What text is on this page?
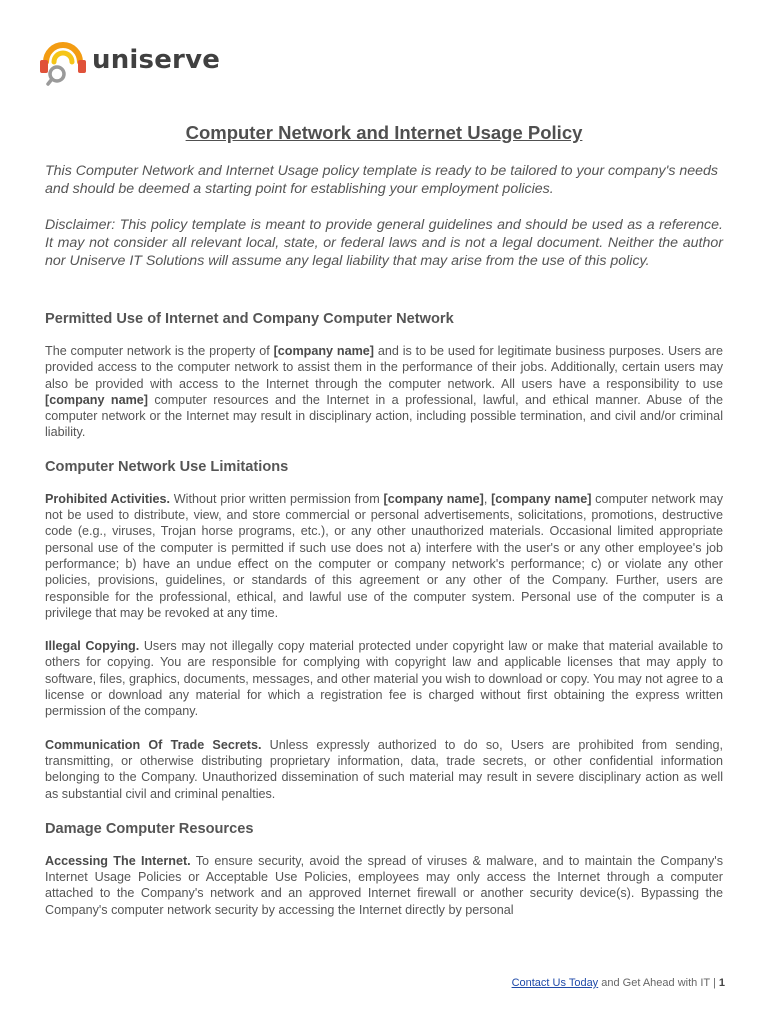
uniserve
Computer Network and Internet Usage Policy

This Computer Network and Internet Usage policy template is ready to be tailored to your company's needs and should be deemed a starting point for establishing your employment policies.

Disclaimer: This policy template is meant to provide general guidelines and should be used as a reference. It may not consider all relevant local, state, or federal laws and is not a legal document. Neither the author nor Uniserve IT Solutions will assume any legal liability that may arise from the use of this policy.

Permitted Use of Internet and Company Computer Network

The computer network is the property of [company name] and is to be used for legitimate business purposes. Users are provided access to the computer network to assist them in the performance of their jobs. Additionally, certain users may also be provided with access to the Internet through the computer network. All users have a responsibility to use [company name] computer resources and the Internet in a professional, lawful, and ethical manner. Abuse of the computer network or the Internet may result in disciplinary action, including possible termination, and civil and/or criminal liability.

Computer Network Use Limitations

Prohibited Activities. Without prior written permission from [company name], [company name] computer network may not be used to distribute, view, and store commercial or personal advertisements, solicitations, promotions, destructive code (e.g., viruses, Trojan horse programs, etc.), or any other unauthorized materials. Occasional limited appropriate personal use of the computer is permitted if such use does not a) interfere with the user's or any other employee's job performance; b) have an undue effect on the computer or company network's performance; c) or violate any other policies, provisions, guidelines, or standards of this agreement or any other of the Company. Further, users are responsible for the professional, ethical, and lawful use of the computer system. Personal use of the computer is a privilege that may be revoked at any time.

Illegal Copying. Users may not illegally copy material protected under copyright law or make that material available to others for copying. You are responsible for complying with copyright law and applicable licenses that may apply to software, files, graphics, documents, messages, and other material you wish to download or copy. You may not agree to a license or download any material for which a registration fee is charged without first obtaining the express written permission of the company.

Communication Of Trade Secrets. Unless expressly authorized to do so, Users are prohibited from sending, transmitting, or otherwise distributing proprietary information, data, trade secrets, or other confidential information belonging to the Company. Unauthorized dissemination of such material may result in severe disciplinary action as well as substantial civil and criminal penalties.

Damage Computer Resources

Accessing The Internet. To ensure security, avoid the spread of viruses & malware, and to maintain the Company's Internet Usage Policies or Acceptable Use Policies, employees may only access the Internet through a computer attached to the Company's network and an approved Internet firewall or another security device(s). Bypassing the Company's computer network security by accessing the Internet directly by personal

Contact Us Today and Get Ahead with IT | 1
